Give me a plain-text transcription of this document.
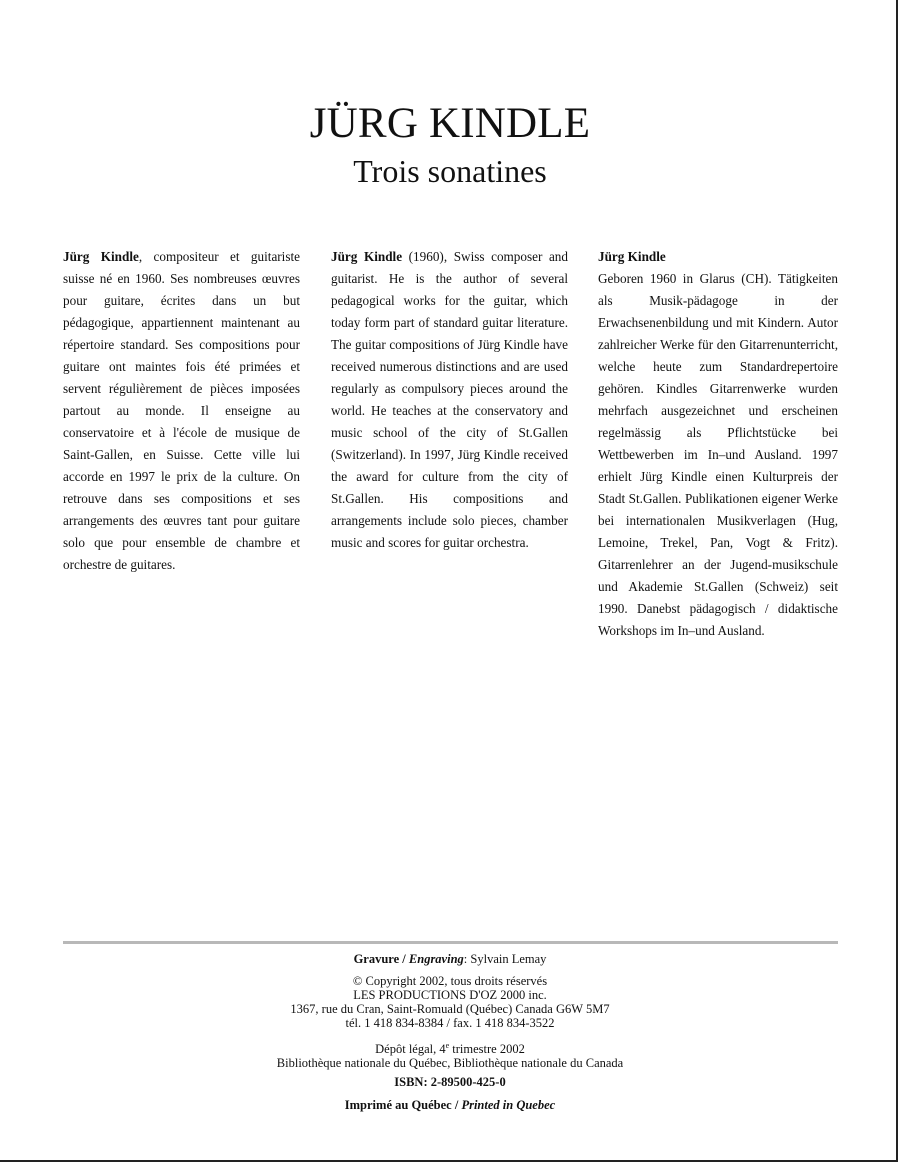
JÜRG KINDLE
Trois sonatines

Jürg Kindle, compositeur et guitariste suisse né en 1960. Ses nombreuses œuvres pour guitare, écrites dans un but pédagogique, appartiennent maintenant au répertoire standard. Ses compositions pour guitare ont maintes fois été primées et servent régulièrement de pièces imposées partout au monde. Il enseigne au conservatoire et à l'école de musique de Saint-Gallen, en Suisse. Cette ville lui accorde en 1997 le prix de la culture. On retrouve dans ses compositions et ses arrangements des œuvres tant pour guitare solo que pour ensemble de chambre et orchestre de guitares.

Jürg Kindle (1960), Swiss composer and guitarist. He is the author of several pedagogical works for the guitar, which today form part of standard guitar literature. The guitar compositions of Jürg Kindle have received numerous distinctions and are used regularly as compulsory pieces around the world. He teaches at the conservatory and music school of the city of St.Gallen (Switzerland). In 1997, Jürg Kindle received the award for culture from the city of St.Gallen. His compositions and arrangements include solo pieces, chamber music and scores for guitar orchestra.

Jürg Kindle

Geboren 1960 in Glarus (CH). Tätigkeiten als Musik-pädagoge in der Erwachsenenbildung und mit Kindern. Autor zahlreicher Werke für den Gitarrenunterricht, welche heute zum Standardrepertoire gehören. Kindles Gitarrenwerke wurden mehrfach ausgezeichnet und erscheinen regelmässig als Pflichtstücke bei Wettbewerben im In–und Ausland. 1997 erhielt Jürg Kindle einen Kulturpreis der Stadt St.Gallen. Publikationen eigener Werke bei internationalen Musikverlagen (Hug, Lemoine, Trekel, Pan, Vogt & Fritz). Gitarrenlehrer an der Jugend-musikschule und Akademie St.Gallen (Schweiz) seit 1990. Danebst pädagogisch / didaktische Workshops im In–und Ausland.

Gravure / Engraving: Sylvain Lemay
© Copyright 2002, tous droits réservés
LES PRODUCTIONS D'OZ 2000 inc.
1367, rue du Cran, Saint-Romuald (Québec) Canada G6W 5M7
tél. 1 418 834-8384 / fax. 1 418 834-3522
Dépôt légal, 4e trimestre 2002
Bibliothèque nationale du Québec, Bibliothèque nationale du Canada
ISBN: 2-89500-425-0
Imprimé au Québec / Printed in Quebec
